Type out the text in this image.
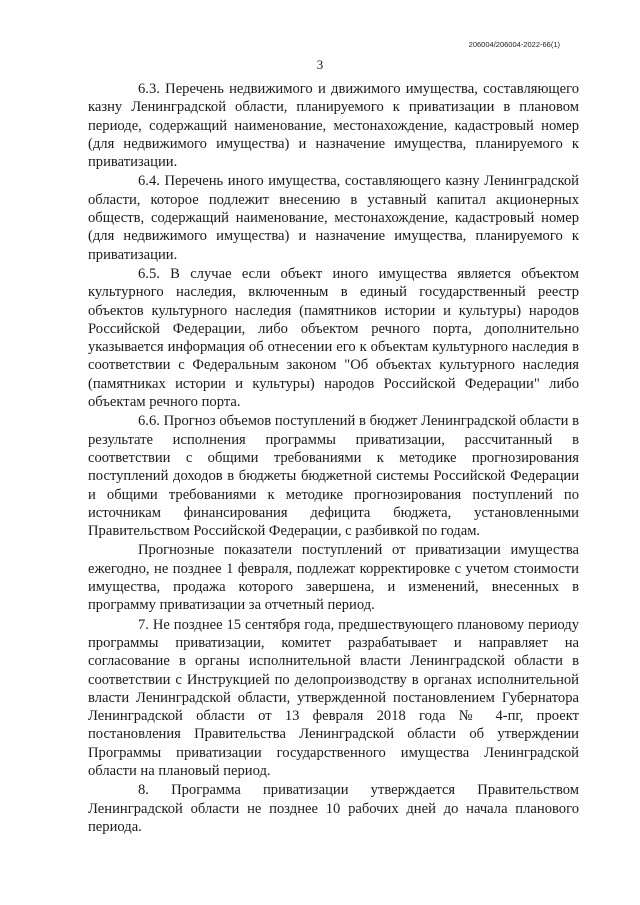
206004/206004-2022-66(1)
3

6.3. Перечень недвижимого и движимого имущества, составляющего казну Ленинградской области, планируемого к приватизации в плановом периоде, содержащий наименование, местонахождение, кадастровый номер (для недвижимого имущества) и назначение имущества, планируемого к приватизации.

6.4. Перечень иного имущества, составляющего казну Ленинградской области, которое подлежит внесению в уставный капитал акционерных обществ, содержащий наименование, местонахождение, кадастровый номер (для недвижимого имущества) и назначение имущества, планируемого к приватизации.

6.5. В случае если объект иного имущества является объектом культурного наследия, включенным в единый государственный реестр объектов культурного наследия (памятников истории и культуры) народов Российской Федерации, либо объектом речного порта, дополнительно указывается информация об отнесении его к объектам культурного наследия в соответствии с Федеральным законом "Об объектах культурного наследия (памятниках истории и культуры) народов Российской Федерации" либо объектам речного порта.

6.6. Прогноз объемов поступлений в бюджет Ленинградской области в результате исполнения программы приватизации, рассчитанный в соответствии с общими требованиями к методике прогнозирования поступлений доходов в бюджеты бюджетной системы Российской Федерации и общими требованиями к методике прогнозирования поступлений по источникам финансирования дефицита бюджета, установленными Правительством Российской Федерации, с разбивкой по годам.

Прогнозные показатели поступлений от приватизации имущества ежегодно, не позднее 1 февраля, подлежат корректировке с учетом стоимости имущества, продажа которого завершена, и изменений, внесенных в программу приватизации за отчетный период.

7. Не позднее 15 сентября года, предшествующего плановому периоду программы приватизации, комитет разрабатывает и направляет на согласование в органы исполнительной власти Ленинградской области в соответствии с Инструкцией по делопроизводству в органах исполнительной власти Ленинградской области, утвержденной постановлением Губернатора Ленинградской области от 13 февраля 2018 года № 4-пг, проект постановления Правительства Ленинградской области об утверждении Программы приватизации государственного имущества Ленинградской области на плановый период.

8. Программа приватизации утверждается Правительством Ленинградской области не позднее 10 рабочих дней до начала планового периода.
